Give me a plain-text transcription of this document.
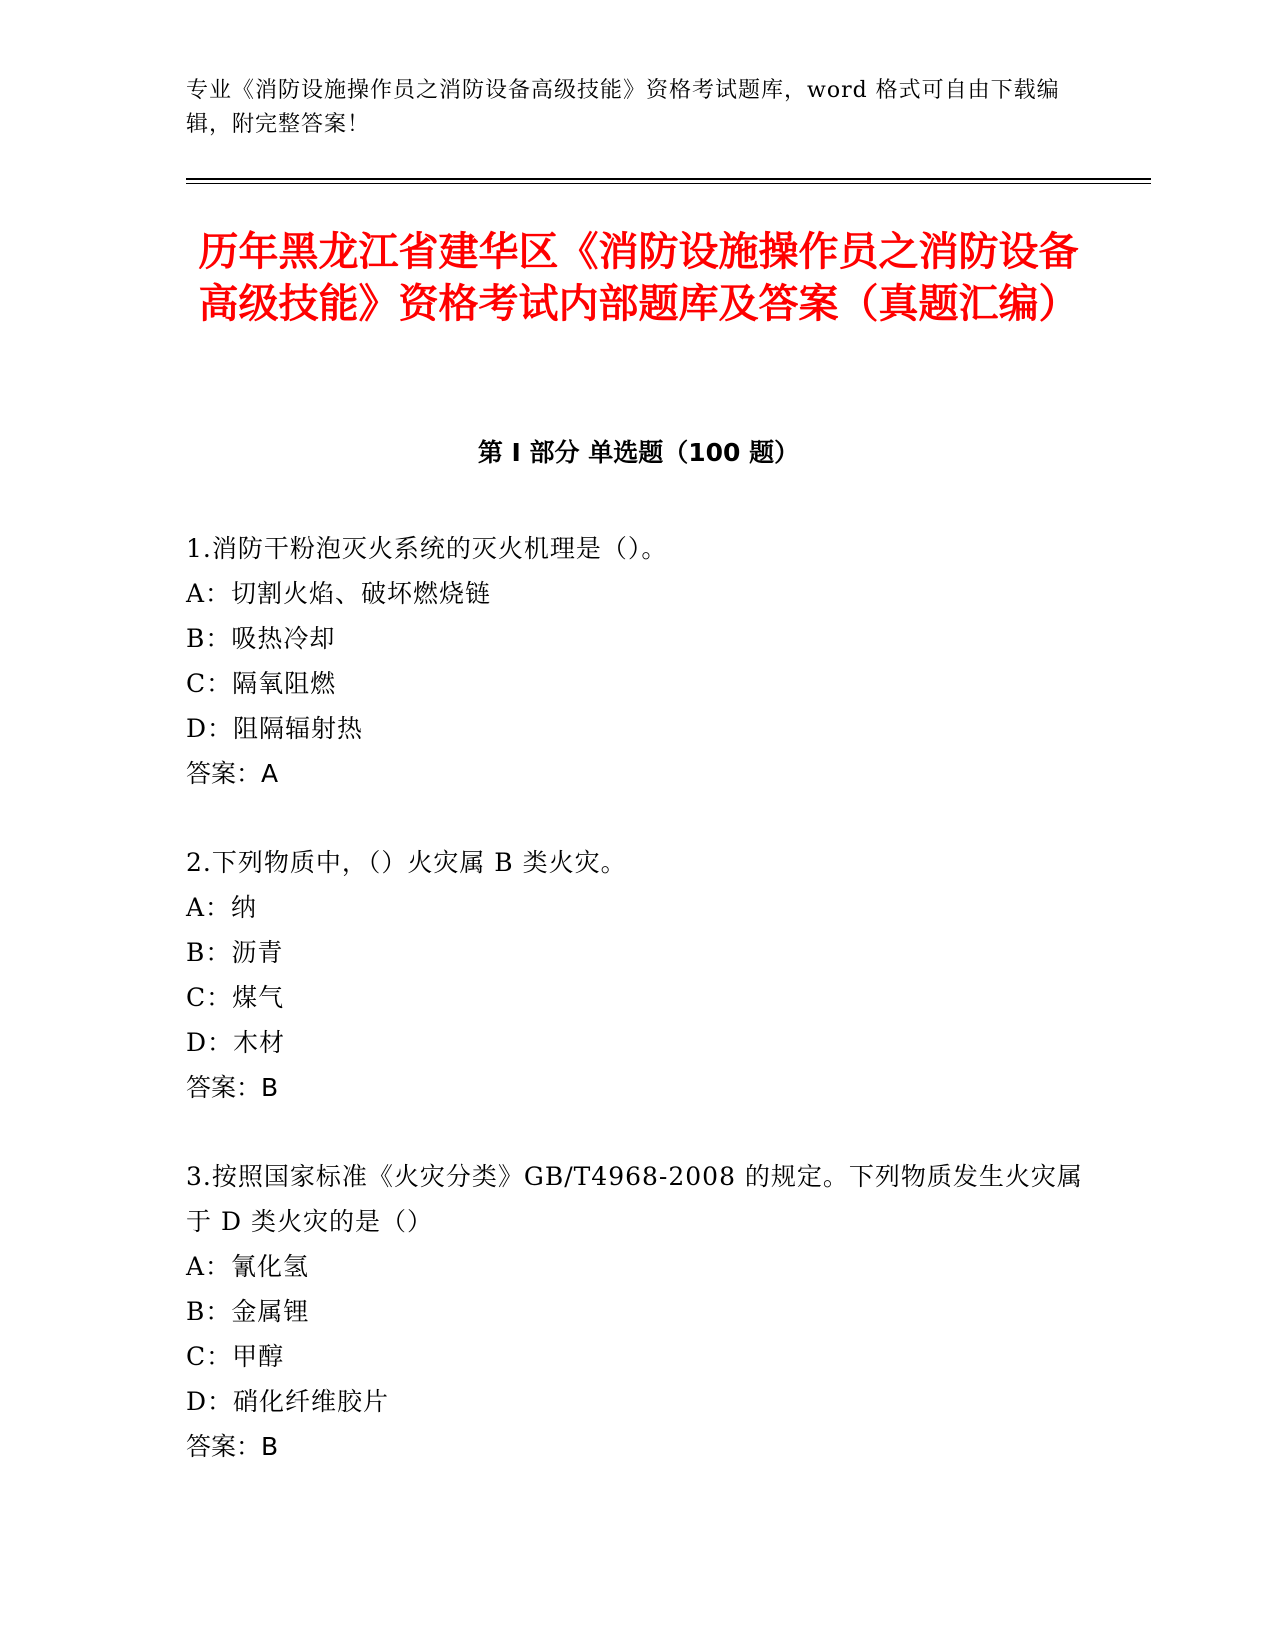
专业《消防设施操作员之消防设备高级技能》资格考试题库，word 格式可自由下载编辑，附完整答案！
历年黑龙江省建华区《消防设施操作员之消防设备高级技能》资格考试内部题库及答案（真题汇编）
第 I 部分 单选题（100 题）

1.消防干粉泡灭火系统的灭火机理是（）。

A：切割火焰、破坏燃烧链

B：吸热冷却

C：隔氧阻燃

D：阻隔辐射热

答案：A

2.下列物质中，（）火灾属 B 类火灾。

A：纳

B：沥青

C：煤气

D：木材

答案：B

3.按照国家标准《火灾分类》GB/T4968-2008 的规定。下列物质发生火灾属于 D 类火灾的是（）

A：氰化氢

B：金属锂

C：甲醇

D：硝化纤维胶片

答案：B
